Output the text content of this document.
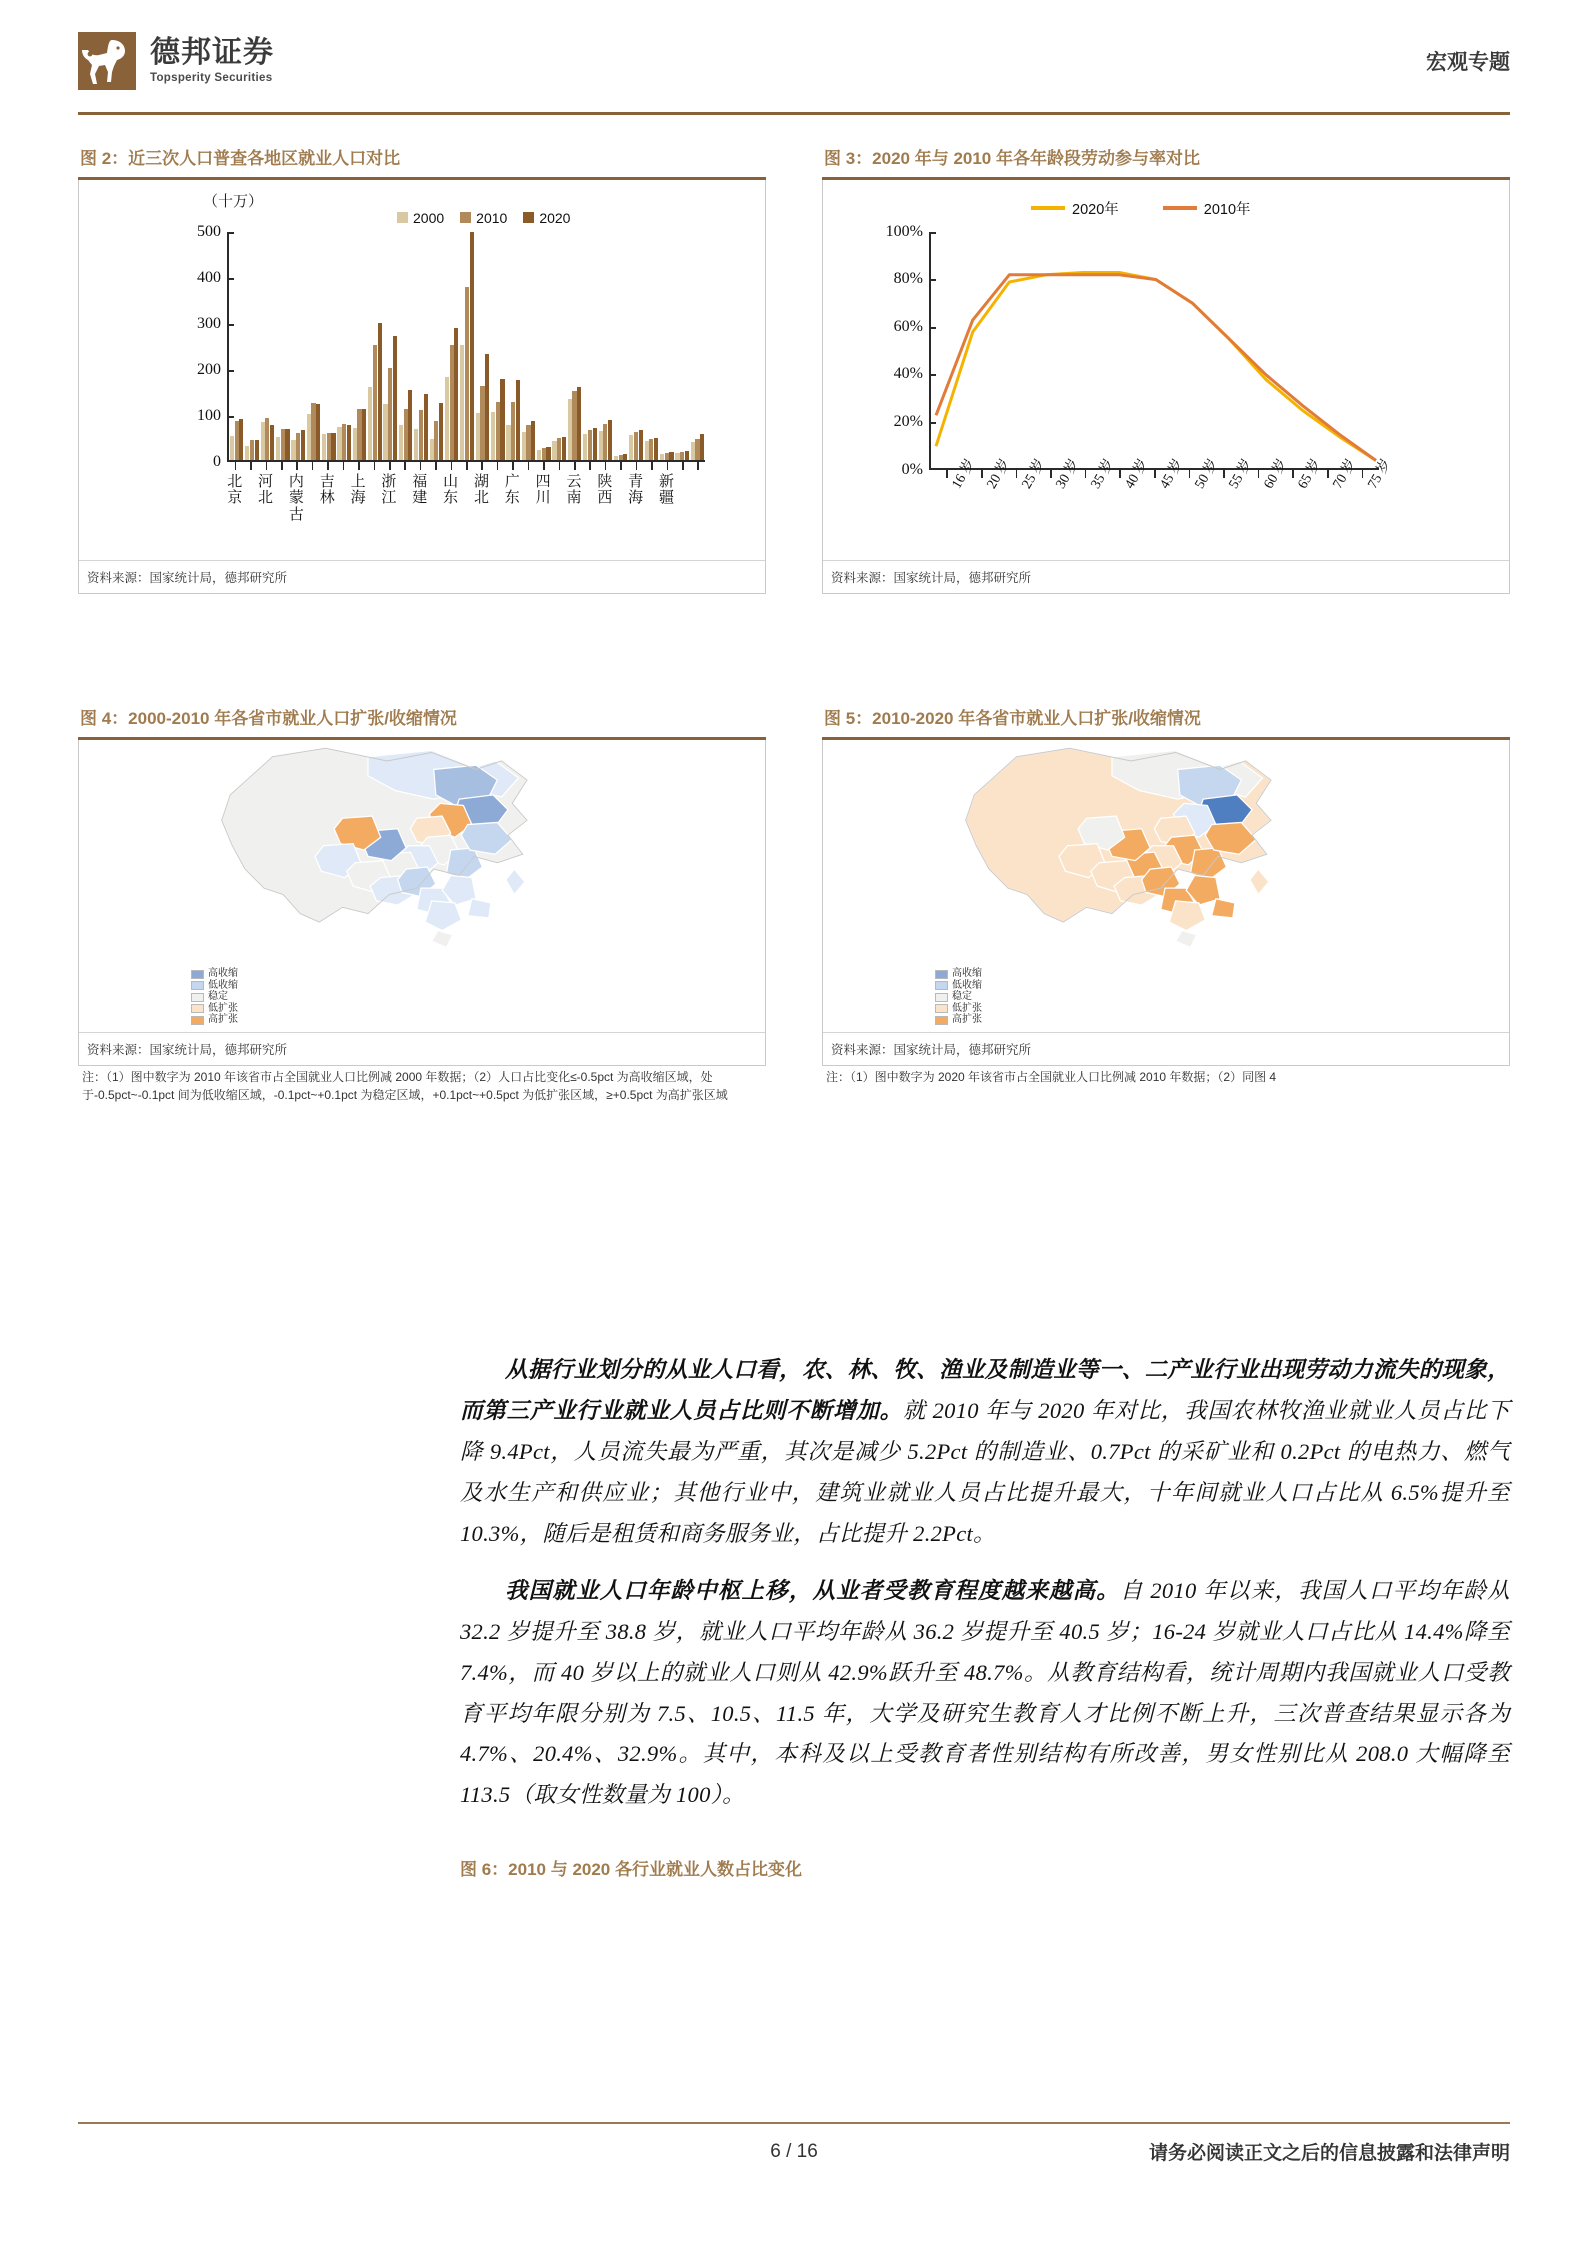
德邦证券
Topsperity Securities
宏观专题
图 2：近三次人口普查各地区就业人口对比
（十万）
2000 2010 2020
0
100
200
300
400
500
北
京
河
北
内
蒙
古
吉
林
上
海
浙
江
福
建
山
东
湖
北
广
东
四
川
云
南
陕
西
青
海
新
疆
资料来源：国家统计局，德邦研究所
图 3：2020 年与 2010 年各年龄段劳动参与率对比
2020年	2010年
0%
20%
40%
60%
80%
100%
16 岁 20 岁 25 岁 30 岁 35 岁 40 岁 45 岁 50 岁 55 岁 60 岁 65 岁 70 岁 75 岁
资料来源：国家统计局，德邦研究所
图 4：2000-2010 年各省市就业人口扩张/收缩情况
高收缩
低收缩
稳定
低扩张
高扩张
资料来源：国家统计局，德邦研究所
注：（1）图中数字为 2010 年该省市占全国就业人口比例减 2000 年数据；（2）人口占比变化≤-0.5pct 为高收缩区域，处于-0.5pct~-0.1pct 间为低收缩区域，-0.1pct~+0.1pct 为稳定区域，+0.1pct~+0.5pct 为低扩张区域，≥+0.5pct 为高扩张区域
图 5：2010-2020 年各省市就业人口扩张/收缩情况
高收缩
低收缩
稳定
低扩张
高扩张
资料来源：国家统计局，德邦研究所
注：（1）图中数字为 2020 年该省市占全国就业人口比例减 2010 年数据；（2）同图 4

从据行业划分的从业人口看，农、林、牧、渔业及制造业等一、二产业行业出现劳动力流失的现象，而第三产业行业就业人员占比则不断增加。就 2010 年与 2020 年对比，我国农林牧渔业就业人员占比下降 9.4Pct，人员流失最为严重，其次是减少 5.2Pct 的制造业、0.7Pct 的采矿业和 0.2Pct 的电热力、燃气及水生产和供应业；其他行业中，建筑业就业人员占比提升最大，十年间就业人口占比从 6.5%提升至 10.3%，随后是租赁和商务服务业，占比提升 2.2Pct。

我国就业人口年龄中枢上移，从业者受教育程度越来越高。自 2010 年以来，我国人口平均年龄从 32.2 岁提升至 38.8 岁，就业人口平均年龄从 36.2 岁提升至 40.5 岁；16-24 岁就业人口占比从 14.4%降至 7.4%，而 40 岁以上的就业人口则从 42.9%跃升至 48.7%。从教育结构看，统计周期内我国就业人口受教育平均年限分别为 7.5、10.5、11.5 年，大学及研究生教育人才比例不断上升，三次普查结果显示各为 4.7%、20.4%、32.9%。其中，本科及以上受教育者性别结构有所改善，男女性别比从 208.0 大幅降至 113.5（取女性数量为 100）。

图 6：2010 与 2020 各行业就业人数占比变化
6 / 16	请务必阅读正文之后的信息披露和法律声明
